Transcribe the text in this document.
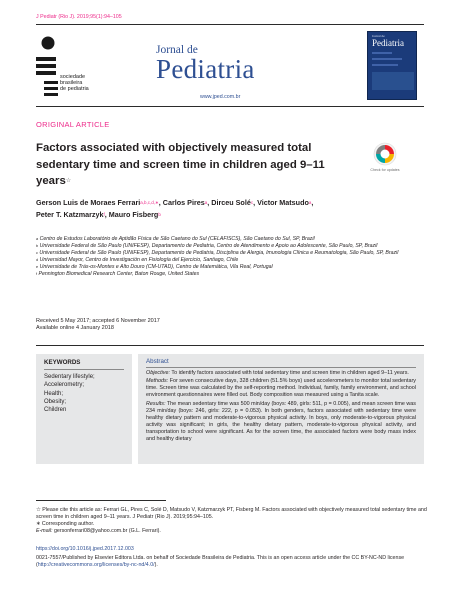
J Pediatr (Rio J). 2019;95(1):94–105
sociedade
brasileira
de pediatria
Jornal de
Pediatria
www.jped.com.br
Jornal de
Pediatria
ORIGINAL ARTICLE
Factors associated with objectively measured total sedentary time and screen time in children aged 9–11 years☆
Check for updates
Gerson Luis de Moraes Ferrari$^{a,b,c,d,∗}$, Carlos Pires$^a$, Dirceu Solé$^c$, Victor Matsudo$^a$,
Peter T. Katzmarzyk$^f$, Mauro Fisberg$^b$
$^a$ Centro de Estudos Laboratório de Aptidão Física de São Caetano do Sul (CELAFISCS), São Caetano do Sul, SP, Brazil
$^b$ Universidade Federal de São Paulo (UNIFESP), Departamento de Pediatria, Centro de Atendimento e Apoio ao Adolescente, São Paulo, SP, Brazil
$^c$ Universidade Federal de São Paulo (UNIFESP), Departamento de Pediatria, Disciplina de Alergia, Imunologia Clínica e Reumatologia, São Paulo, SP, Brazil
$^d$ Universidad Mayor, Centro de Investigación en Fisiología del Ejercicio, Santiago, Chile
$^e$ Universidade de Trás-os-Montes e Alto Douro (CM-UTAD), Centro de Matemática, Vila Real, Portugal
$^f$ Pennington Biomedical Research Center, Baton Rouge, United States
Received 5 May 2017; accepted 6 November 2017
Available online 4 January 2018
KEYWORDS
Sedentary lifestyle;
Accelerometry;
Health;
Obesity;
Children
Abstract

Objective: To identify factors associated with total sedentary time and screen time in children aged 9–11 years.

Methods: For seven consecutive days, 328 children (51.5% boys) used accelerometers to monitor total sedentary time. Screen time was calculated by the self-reporting method. Individual, family, family environment, and school environment questionnaires were filled out. Body composition was measured using a Tanita scale.

Results: The mean sedentary time was 500 min/day (boys: 489, girls: 511, p = 0.005), and mean screen time was 234 min/day (boys: 246, girls: 222, p = 0.053). In both genders, factors associated with sedentary time were healthy dietary pattern and moderate-to-vigorous physical activity. In boys, only moderate-to-vigorous physical activity was significant; in girls, the healthy dietary pattern, moderate-to-vigorous physical activity, and transportation to school were significant. As for the screen time, the associated factors were body mass index and healthy dietary

☆ Please cite this article as: Ferrari GL, Pires C, Solé D, Matsudo V, Katzmarzyk PT, Fisberg M. Factors associated with objectively measured total sedentary time and screen time in children aged 9–11 years. J Pediatr (Rio J). 2019;95:94–105.
∗ Corresponding author.
E-mail: gersonferrari08@yahoo.com.br (G.L. Ferrari).
https://doi.org/10.1016/j.jped.2017.12.003
0021-7557/Published by Elsevier Editora Ltda. on behalf of Sociedade Brasileira de Pediatria. This is an open access article under the CC BY-NC-ND license (http://creativecommons.org/licenses/by-nc-nd/4.0/).
